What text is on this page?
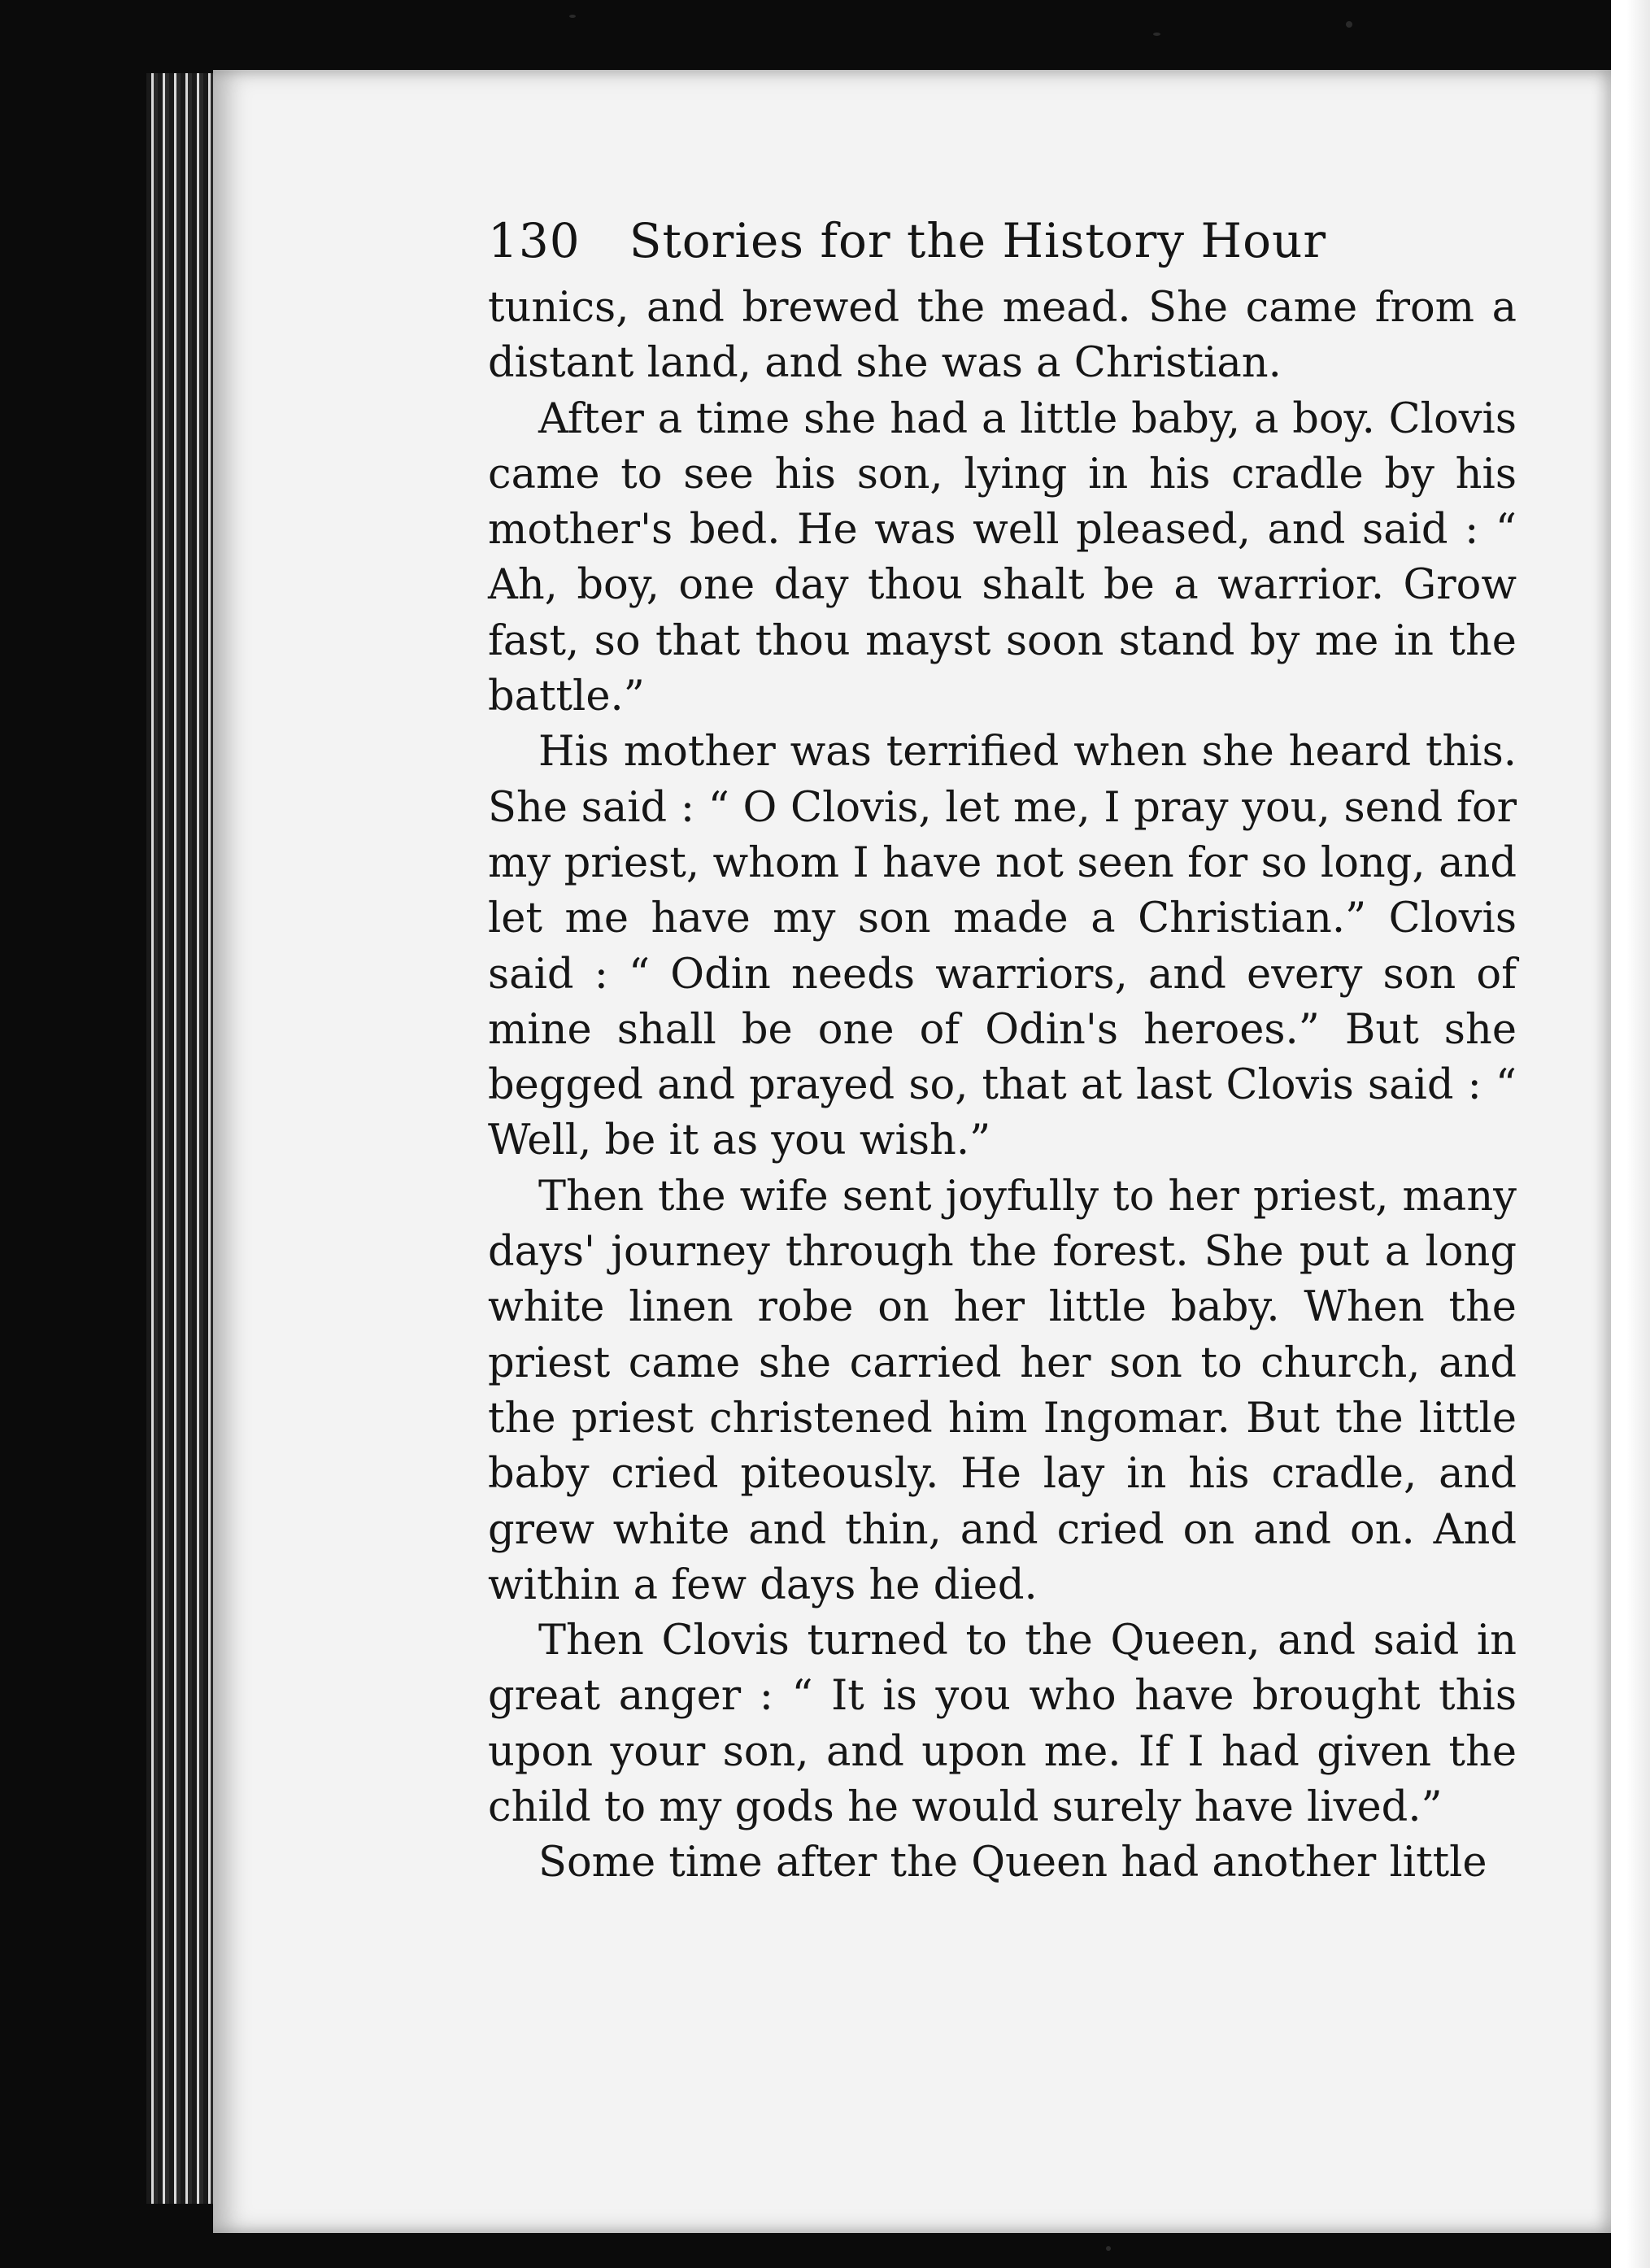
130 Stories for the History Hour

tunics, and brewed the mead. She came from a distant land, and she was a Christian.

After a time she had a little baby, a boy. Clovis came to see his son, lying in his cradle by his mother's bed. He was well pleased, and said : “ Ah, boy, one day thou shalt be a warrior. Grow fast, so that thou mayst soon stand by me in the battle.”

His mother was terrified when she heard this. She said : “ O Clovis, let me, I pray you, send for my priest, whom I have not seen for so long, and let me have my son made a Christian.” Clovis said : “ Odin needs warriors, and every son of mine shall be one of Odin's heroes.” But she begged and prayed so, that at last Clovis said : “ Well, be it as you wish.”

Then the wife sent joyfully to her priest, many days' journey through the forest. She put a long white linen robe on her little baby. When the priest came she carried her son to church, and the priest christened him Ingomar. But the little baby cried piteously. He lay in his cradle, and grew white and thin, and cried on and on. And within a few days he died.

Then Clovis turned to the Queen, and said in great anger : “ It is you who have brought this upon your son, and upon me. If I had given the child to my gods he would surely have lived.”

Some time after the Queen had another little
